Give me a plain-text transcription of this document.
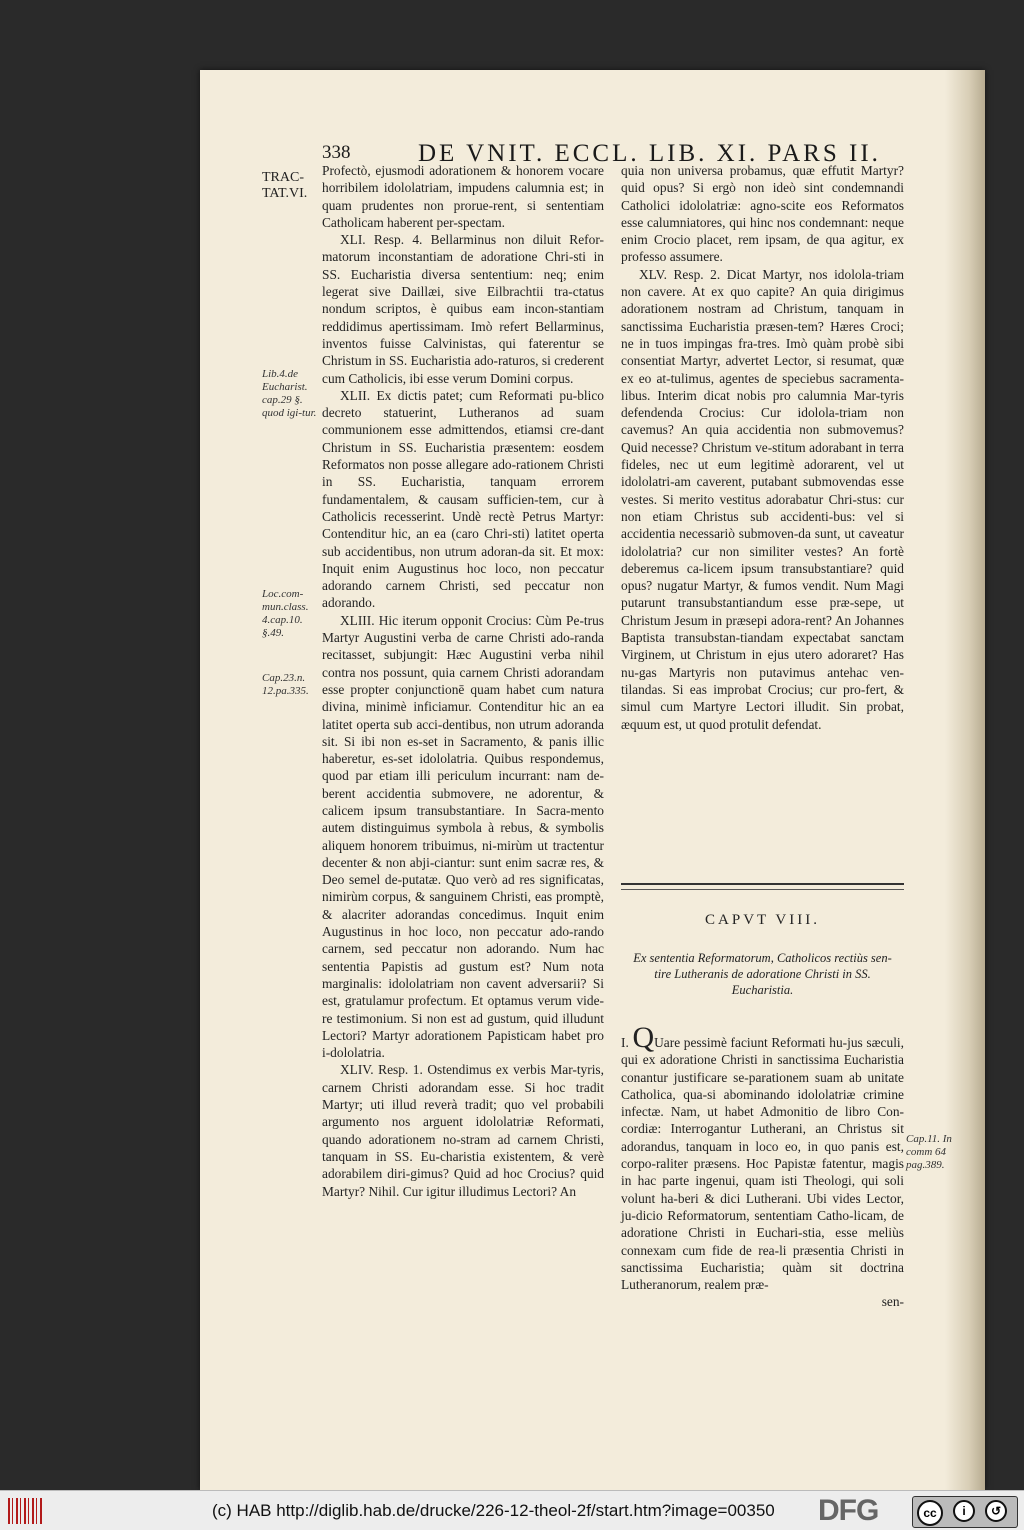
338	DE VNIT. ECCL. LIB. XI. PARS II.
TRAC-
TAT.VI.
Lib.4.de Eucharist. cap.29 §. quod igi-tur.
Loc.com-mun.class. 4.cap.10. §.49.
Cap.23.n. 12.pa.335.
Cap.11. In comm 64 pag.389.

Profectò, ejusmodi adorationem & honorem vocare horribilem idololatriam, impudens calumnia est; in quam prudentes non prorue-rent, si sententiam Catholicam haberent per-spectam.

XLI. Resp. 4. Bellarminus non diluit Refor-matorum inconstantiam de adoratione Chri-sti in SS. Eucharistia diversa sententium: neq; enim legerat sive Daillæi, sive Eilbrachtii tra-ctatus nondum scriptos, è quibus eam incon-stantiam reddidimus apertissimam. Imò refert Bellarminus, inventos fuisse Calvinistas, qui faterentur se Christum in SS. Eucharistia ado-raturos, si crederent cum Catholicis, ibi esse verum Domini corpus.

XLII. Ex dictis patet; cum Reformati pu-blico decreto statuerint, Lutheranos ad suam communionem esse admittendos, etiamsi cre-dant Christum in SS. Eucharistia præsentem: eosdem Reformatos non posse allegare ado-rationem Christi in SS. Eucharistia, tanquam errorem fundamentalem, & causam sufficien-tem, cur à Catholicis recesserint. Undè rectè Petrus Martyr: Contenditur hic, an ea (caro Chri-sti) latitet operta sub accidentibus, non utrum adoran-da sit. Et mox: Inquit enim Augustinus hoc loco, non peccatur adorando carnem Christi, sed peccatur non adorando.

XLIII. Hic iterum opponit Crocius: Cùm Pe-trus Martyr Augustini verba de carne Christi ado-randa recitasset, subjungit: Hæc Augustini verba nihil contra nos possunt, quia carnem Christi adorandam esse propter conjunctionē quam habet cum natura divina, minimè inficiamur. Contenditur hic an ea latitet operta sub acci-dentibus, non utrum adoranda sit. Si ibi non es-set in Sacramento, & panis illic haberetur, es-set idololatria. Quibus respondemus, quod par etiam illi periculum incurrant: nam de-berent accidentia submovere, ne adorentur, & calicem ipsum transubstantiare. In Sacra-mento autem distinguimus symbola à rebus, & symbolis aliquem honorem tribuimus, ni-mirùm ut tractentur decenter & non abji-ciantur: sunt enim sacræ res, & Deo semel de-putatæ. Quo verò ad res significatas, nimirùm corpus, & sanguinem Christi, eas promptè, & alacriter adorandas concedimus. Inquit enim Augustinus in hoc loco, non peccatur ado-rando carnem, sed peccatur non adorando. Num hac sententia Papistis ad gustum est? Num nota marginalis: idololatriam non cavent adversarii? Si est, gratulamur profectum. Et optamus verum vide-re testimonium. Si non est ad gustum, quid illudunt Lectori? Martyr adorationem Papisticam habet pro i-dololatria.

XLIV. Resp. 1. Ostendimus ex verbis Mar-tyris, carnem Christi adorandam esse. Si hoc tradit Martyr; uti illud reverà tradit; quo vel probabili argumento nos arguent idololatriæ Reformati, quando adorationem no-stram ad carnem Christi, tanquam in SS. Eu-charistia existentem, & verè adorabilem diri-gimus? Quid ad hoc Crocius? quid Martyr? Nihil. Cur igitur illudimus Lectori? An

quia non universa probamus, quæ effutit Martyr? quid opus? Si ergò non ideò sint condemnandi Catholici idololatriæ: agno-scite eos Reformatos esse calumniatores, qui hinc nos condemnant: neque enim Crocio placet, rem ipsam, de qua agitur, ex professo assumere.

XLV. Resp. 2. Dicat Martyr, nos idolola-triam non cavere. At ex quo capite? An quia dirigimus adorationem nostram ad Christum, tanquam in sanctissima Eucharistia præsen-tem? Hæres Croci; ne in tuos impingas fra-tres. Imò quàm probè sibi consentiat Martyr, advertet Lector, si resumat, quæ ex eo at-tulimus, agentes de speciebus sacramenta-libus. Interim dicat nobis pro calumnia Mar-tyris defendenda Crocius: Cur idolola-triam non cavemus? An quia accidentia non submovemus? Quid necesse? Christum ve-stitum adorabant in terra fideles, nec ut eum legitimè adorarent, vel ut idololatri-am caverent, putabant submovendas esse vestes. Si merito vestitus adorabatur Chri-stus: cur non etiam Christus sub accidenti-bus: vel si accidentia necessariò submoven-da sunt, ut caveatur idololatria? cur non similiter vestes? An fortè deberemus ca-licem ipsum transubstantiare? quid opus? nugatur Martyr, & fumos vendit. Num Magi putarunt transubstantiandum esse præ-sepe, ut Christum Jesum in præsepi adora-rent? An Johannes Baptista transubstan-tiandam expectabat sanctam Virginem, ut Christum in ejus utero adoraret? Has nu-gas Martyris non putavimus antehac ven-tilandas. Si eas improbat Crocius; cur pro-fert, & simul cum Martyre Lectori illudit. Sin probat, æquum est, ut quod protulit defendat.

CAPVT VIII.
Ex sententia Reformatorum, Catholicos rectiùs sen-tire Lutheranis de adoratione Christi in SS. Eucharistia.

I. QUare pessimè faciunt Reformati hu-jus sæculi, qui ex adoratione Christi in sanctissima Eucharistia conantur justificare se-parationem suam ab unitate Catholica, qua-si abominando idololatriæ crimine infectæ. Nam, ut habet Admonitio de libro Con-cordiæ: Interrogantur Lutherani, an Christus sit adorandus, tanquam in loco eo, in quo panis est, corpo-raliter præsens. Hoc Papistæ fatentur, magis in hac parte ingenui, quam isti Theologi, qui soli volunt ha-beri & dici Lutherani. Ubi vides Lector, ju-dicio Reformatorum, sententiam Catho-licam, de adoratione Christi in Euchari-stia, esse meliùs connexam cum fide de rea-li præsentia Christi in sanctissima Eucharistia; quàm sit doctrina Lutheranorum, realem præ-

sen-

(c) HAB http://diglib.hab.de/drucke/226-12-theol-2f/start.htm?image=00350 DFG	cc	i	↺
